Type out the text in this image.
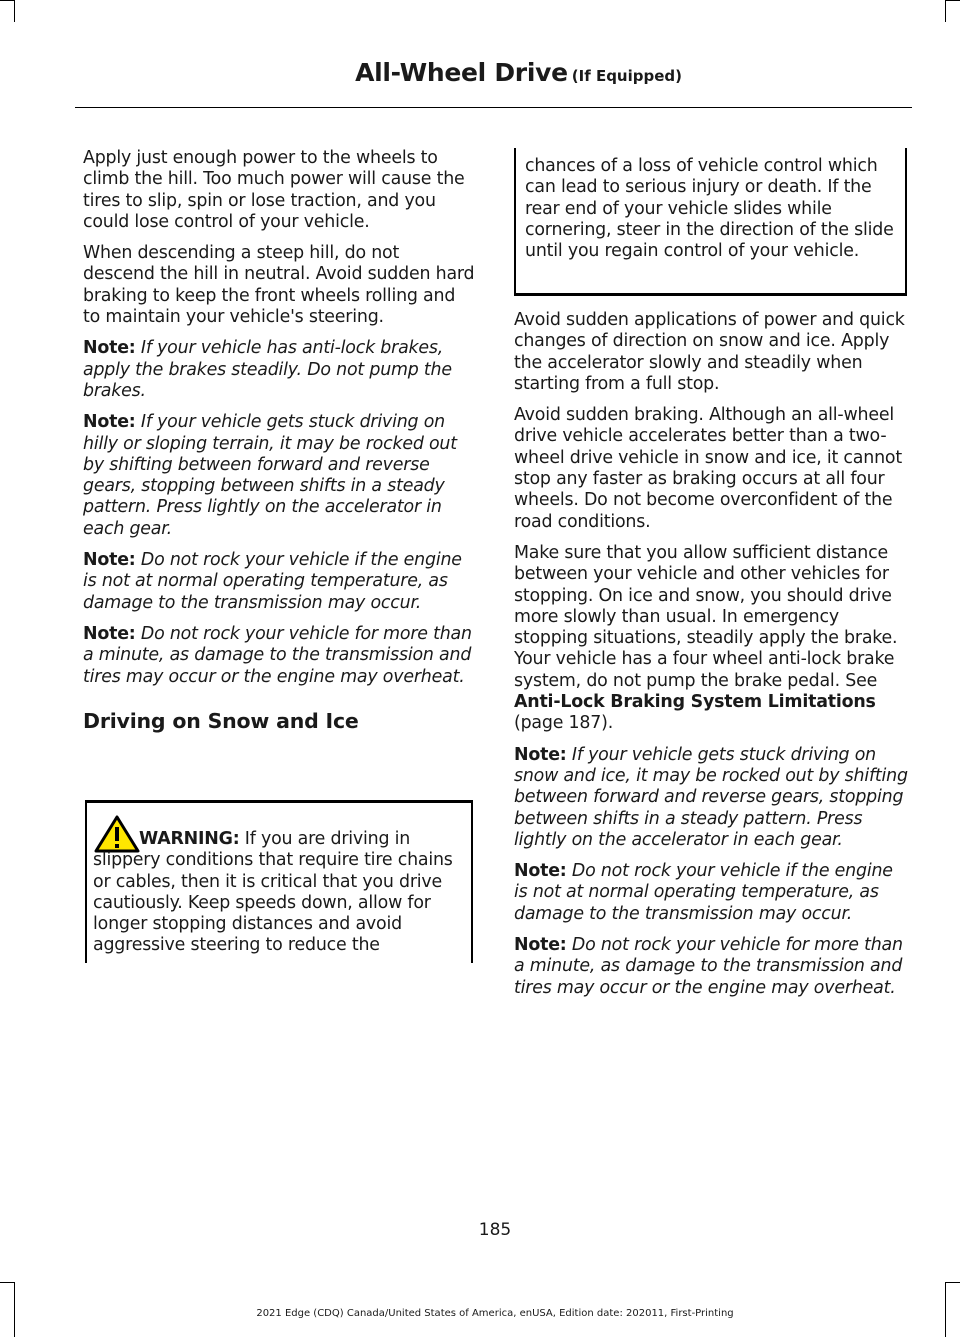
All-Wheel Drive (If Equipped)

Apply just enough power to the wheels to climb the hill. Too much power will cause the tires to slip, spin or lose traction, and you could lose control of your vehicle.

When descending a steep hill, do not descend the hill in neutral. Avoid sudden hard braking to keep the front wheels rolling and to maintain your vehicle's steering.

Note: If your vehicle has anti-lock brakes, apply the brakes steadily. Do not pump the brakes.

Note: If your vehicle gets stuck driving on hilly or sloping terrain, it may be rocked out by shifting between forward and reverse gears, stopping between shifts in a steady pattern. Press lightly on the accelerator in each gear.

Note: Do not rock your vehicle if the engine is not at normal operating temperature, as damage to the transmission may occur.

Note: Do not rock your vehicle for more than a minute, as damage to the transmission and tires may occur or the engine may overheat.

Driving on Snow and Ice
WARNING: If you are driving in slippery conditions that require tire chains or cables, then it is critical that you drive cautiously. Keep speeds down, allow for longer stopping distances and avoid aggressive steering to reduce the
chances of a loss of vehicle control which can lead to serious injury or death. If the rear end of your vehicle slides while cornering, steer in the direction of the slide until you regain control of your vehicle.

Avoid sudden applications of power and quick changes of direction on snow and ice. Apply the accelerator slowly and steadily when starting from a full stop.

Avoid sudden braking. Although an all-wheel drive vehicle accelerates better than a two-wheel drive vehicle in snow and ice, it cannot stop any faster as braking occurs at all four wheels. Do not become overconfident of the road conditions.

Make sure that you allow sufficient distance between your vehicle and other vehicles for stopping. On ice and snow, you should drive more slowly than usual. In emergency stopping situations, steadily apply the brake. Your vehicle has a four wheel anti-lock brake system, do not pump the brake pedal. See Anti-Lock Braking System Limitations (page 187).

Note: If your vehicle gets stuck driving on snow and ice, it may be rocked out by shifting between forward and reverse gears, stopping between shifts in a steady pattern. Press lightly on the accelerator in each gear.

Note: Do not rock your vehicle if the engine is not at normal operating temperature, as damage to the transmission may occur.

Note: Do not rock your vehicle for more than a minute, as damage to the transmission and tires may occur or the engine may overheat.

185
2021 Edge (CDQ) Canada/United States of America, enUSA, Edition date: 202011, First-Printing
